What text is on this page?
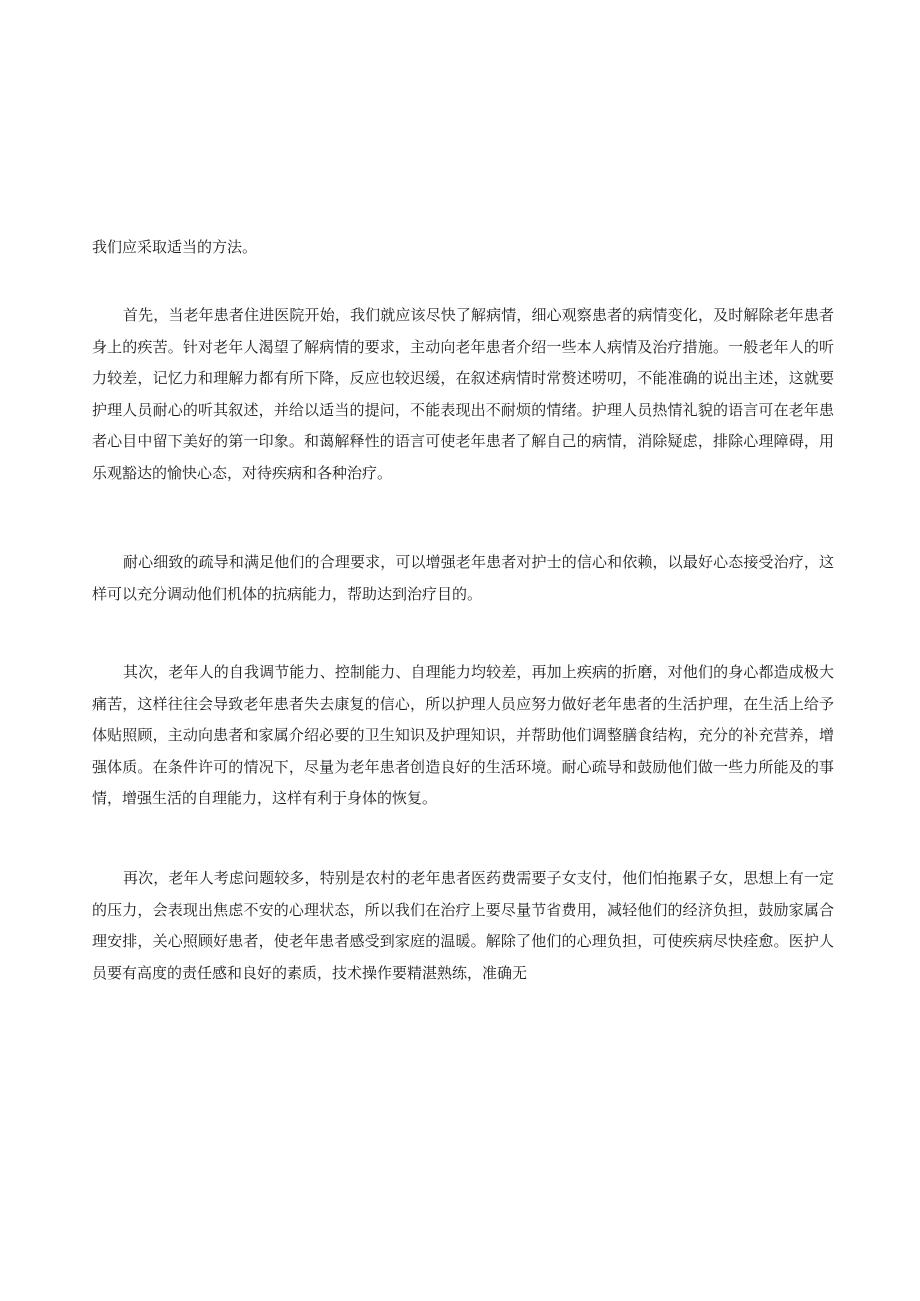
我们应采取适当的方法。

首先，当老年患者住进医院开始，我们就应该尽快了解病情，细心观察患者的病情变化，及时解除老年患者身上的疾苦。针对老年人渴望了解病情的要求，主动向老年患者介绍一些本人病情及治疗措施。一般老年人的听力较差，记忆力和理解力都有所下降，反应也较迟缓，在叙述病情时常赘述唠叨，不能准确的说出主述，这就要护理人员耐心的听其叙述，并给以适当的提问，不能表现出不耐烦的情绪。护理人员热情礼貌的语言可在老年患者心目中留下美好的第一印象。和蔼解释性的语言可使老年患者了解自己的病情，消除疑虑，排除心理障碍，用乐观豁达的愉快心态，对待疾病和各种治疗。

耐心细致的疏导和满足他们的合理要求，可以增强老年患者对护士的信心和依赖，以最好心态接受治疗，这样可以充分调动他们机体的抗病能力，帮助达到治疗目的。

其次，老年人的自我调节能力、控制能力、自理能力均较差，再加上疾病的折磨，对他们的身心都造成极大痛苦，这样往往会导致老年患者失去康复的信心，所以护理人员应努力做好老年患者的生活护理，在生活上给予体贴照顾，主动向患者和家属介绍必要的卫生知识及护理知识，并帮助他们调整膳食结构，充分的补充营养，增强体质。在条件许可的情况下，尽量为老年患者创造良好的生活环境。耐心疏导和鼓励他们做一些力所能及的事情，增强生活的自理能力，这样有利于身体的恢复。

再次，老年人考虑问题较多，特别是农村的老年患者医药费需要子女支付，他们怕拖累子女，思想上有一定的压力，会表现出焦虑不安的心理状态，所以我们在治疗上要尽量节省费用，减轻他们的经济负担，鼓励家属合理安排，关心照顾好患者，使老年患者感受到家庭的温暖。解除了他们的心理负担，可使疾病尽快痊愈。医护人员要有高度的责任感和良好的素质，技术操作要精湛熟练，准确无
